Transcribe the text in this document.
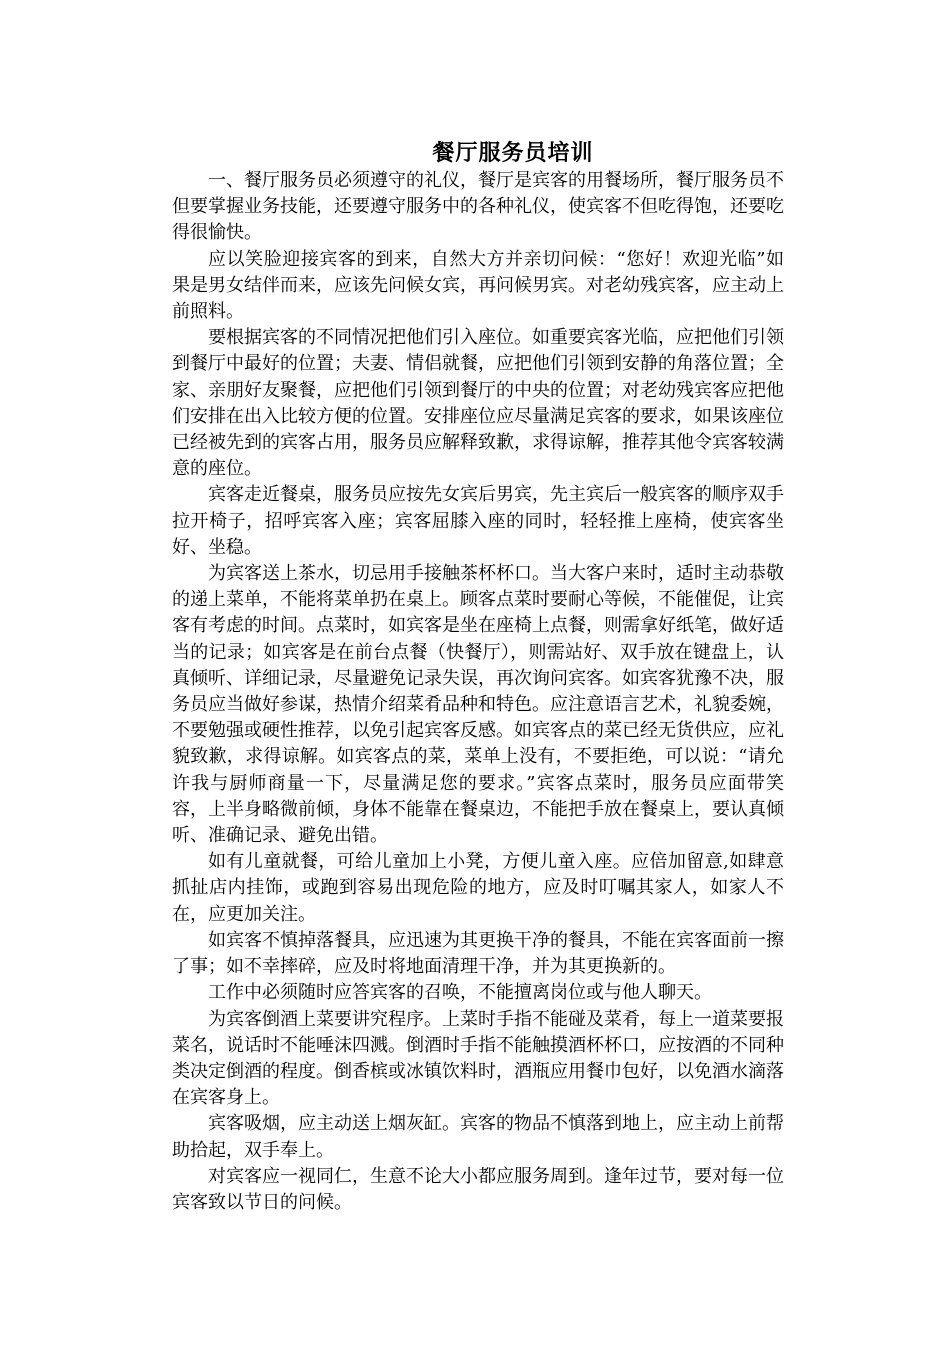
餐厅服务员培训

一、餐厅服务员必须遵守的礼仪，餐厅是宾客的用餐场所，餐厅服务员不但要掌握业务技能，还要遵守服务中的各种礼仪，使宾客不但吃得饱，还要吃得很愉快。

应以笑脸迎接宾客的到来，自然大方并亲切问候：“您好！欢迎光临”如果是男女结伴而来，应该先问候女宾，再问候男宾。对老幼残宾客，应主动上前照料。

要根据宾客的不同情况把他们引入座位。如重要宾客光临，应把他们引领到餐厅中最好的位置；夫妻、情侣就餐，应把他们引领到安静的角落位置；全家、亲朋好友聚餐，应把他们引领到餐厅的中央的位置；对老幼残宾客应把他们安排在出入比较方便的位置。安排座位应尽量满足宾客的要求，如果该座位已经被先到的宾客占用，服务员应解释致歉，求得谅解，推荐其他令宾客较满意的座位。

宾客走近餐桌，服务员应按先女宾后男宾，先主宾后一般宾客的顺序双手拉开椅子，招呼宾客入座；宾客屈膝入座的同时，轻轻推上座椅，使宾客坐好、坐稳。

为宾客送上茶水，切忌用手接触茶杯杯口。当大客户来时，适时主动恭敬的递上菜单，不能将菜单扔在桌上。顾客点菜时要耐心等候，不能催促，让宾客有考虑的时间。点菜时，如宾客是坐在座椅上点餐，则需拿好纸笔，做好适当的记录；如宾客是在前台点餐（快餐厅），则需站好、双手放在键盘上，认真倾听、详细记录，尽量避免记录失误，再次询问宾客。如宾客犹豫不决，服务员应当做好参谋，热情介绍菜肴品种和特色。应注意语言艺术，礼貌委婉，不要勉强或硬性推荐，以免引起宾客反感。如宾客点的菜已经无货供应，应礼貌致歉，求得谅解。如宾客点的菜，菜单上没有，不要拒绝，可以说：“请允许我与厨师商量一下，尽量满足您的要求。”宾客点菜时，服务员应面带笑容，上半身略微前倾，身体不能靠在餐桌边，不能把手放在餐桌上，要认真倾听、准确记录、避免出错。

如有儿童就餐，可给儿童加上小凳，方便儿童入座。应倍加留意,如肆意抓扯店内挂饰，或跑到容易出现危险的地方，应及时叮嘱其家人，如家人不在，应更加关注。

如宾客不慎掉落餐具，应迅速为其更换干净的餐具，不能在宾客面前一擦了事；如不幸摔碎，应及时将地面清理干净，并为其更换新的。

工作中必须随时应答宾客的召唤，不能擅离岗位或与他人聊天。

为宾客倒酒上菜要讲究程序。上菜时手指不能碰及菜肴，每上一道菜要报菜名，说话时不能唾沫四溅。倒酒时手指不能触摸酒杯杯口，应按酒的不同种类决定倒酒的程度。倒香槟或冰镇饮料时，酒瓶应用餐巾包好，以免酒水滴落在宾客身上。

宾客吸烟，应主动送上烟灰缸。宾客的物品不慎落到地上，应主动上前帮助拾起，双手奉上。

对宾客应一视同仁，生意不论大小都应服务周到。逢年过节，要对每一位宾客致以节日的问候。
